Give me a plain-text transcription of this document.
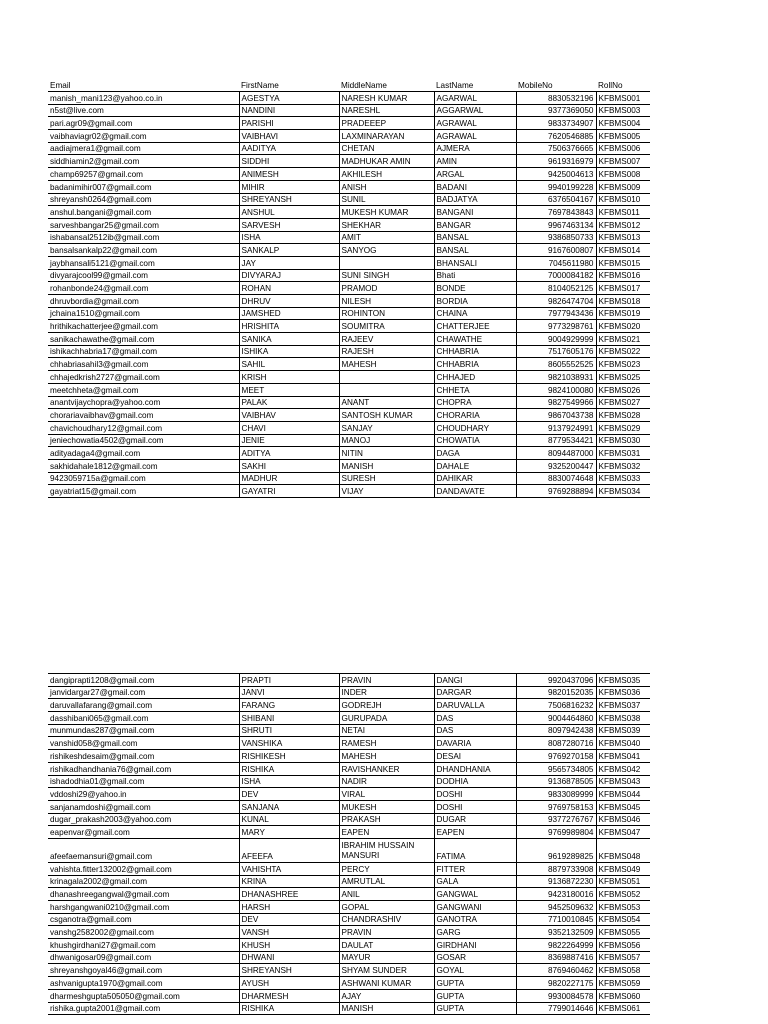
Email	FirstName	MiddleName	LastName	MobileNo	RollNo
manish_mani123@yahoo.co.in	AGESTYA	NARESH KUMAR	AGARWAL	8830532196	KFBMS001
n5st@live.com	NANDINI	NARESHL	AGGARWAL	9377369050	KFBMS003
pari.agr09@gmail.com	PARISHI	PRADEEEP	AGRAWAL	9833734907	KFBMS004
vaibhaviagr02@gmail.com	VAIBHAVI	LAXMINARAYAN	AGRAWAL	7620546885	KFBMS005
aadiajmera1@gmail.com	AADITYA	CHETAN	AJMERA	7506376665	KFBMS006
siddhiamin2@gmail.com	SIDDHI	MADHUKAR AMIN	AMIN	9619316979	KFBMS007
champ69257@gmail.com	ANIMESH	AKHILESH	ARGAL	9425004613	KFBMS008
badanimihir007@gmail.com	MIHIR	ANISH	BADANI	9940199228	KFBMS009
shreyansh0264@gmail.com	SHREYANSH	SUNIL	BADJATYA	6376504167	KFBMS010
anshul.bangani@gmail.com	ANSHUL	MUKESH KUMAR	BANGANI	7697843843	KFBMS011
sarveshbangar25@gmail.com	SARVESH	SHEKHAR	BANGAR	9967463134	KFBMS012
ishabansal2512ib@gmail.com	ISHA	AMIT	BANSAL	9386850733	KFBMS013
bansalsankalp22@gmail.com	SANKALP	SANYOG	BANSAL	9167600807	KFBMS014
jaybhansali5121@gmail.com	JAY		BHANSALI	7045611980	KFBMS015
divyarajcool99@gmail.com	DIVYARAJ	SUNI SINGH	Bhati	7000084182	KFBMS016
rohanbonde24@gmail.com	ROHAN	PRAMOD	BONDE	8104052125	KFBMS017
dhruvbordia@gmail.com	DHRUV	NILESH	BORDIA	9826474704	KFBMS018
jchaina1510@gmail.com	JAMSHED	ROHINTON	CHAINA	7977943436	KFBMS019
hrithikachatterjee@gmail.com	HRISHITA	SOUMITRA	CHATTERJEE	9773298761	KFBMS020
sanikachawathe@gmail.com	SANIKA	RAJEEV	CHAWATHE	9004929999	KFBMS021
ishikachhabria17@gmail.com	ISHIKA	RAJESH	CHHABRIA	7517605176	KFBMS022
chhabriasahil3@gmail.com	SAHIL	MAHESH	CHHABRIA	8605552525	KFBMS023
chhajedkrish2727@gmail.com	KRISH		CHHAJED	9821038931	KFBMS025
meetchheta@gmail.com	MEET		CHHETA	9824100080	KFBMS026
anantvijaychopra@yahoo.com	PALAK	ANANT	CHOPRA	9827549966	KFBMS027
chorariavaibhav@gmail.com	VAIBHAV	SANTOSH KUMAR	CHORARIA	9867043738	KFBMS028
chavichoudhary12@gmail.com	CHAVI	SANJAY	CHOUDHARY	9137924991	KFBMS029
jeniechowatia4502@gmail.com	JENIE	MANOJ	CHOWATIA	8779534421	KFBMS030
adityadaga4@gmail.com	ADITYA	NITIN	DAGA	8094487000	KFBMS031
sakhidahale1812@gmail.com	SAKHI	MANISH	DAHALE	9325200447	KFBMS032
9423059715a@gmail.com	MADHUR	SURESH	DAHIKAR	8830074648	KFBMS033
gayatriat15@gmail.com	GAYATRI	VIJAY	DANDAVATE	9769288894	KFBMS034
dangiprapti1208@gmail.com	PRAPTI	PRAVIN	DANGI	9920437096	KFBMS035
janvidargar27@gmail.com	JANVI	INDER	DARGAR	9820152035	KFBMS036
daruvallafarang@gmail.com	FARANG	GODREJH	DARUVALLA	7506816232	KFBMS037
dasshibani065@gmail.com	SHIBANI	GURUPADA	DAS	9004464860	KFBMS038
munmundas287@gmail.com	SHRUTI	NETAI	DAS	8097942438	KFBMS039
vanshid058@gmail.com	VANSHIKA	RAMESH	DAVARIA	8087280716	KFBMS040
rishikeshdesaim@gmail.com	RISHIKESH	MAHESH	DESAI	9769270158	KFBMS041
rishikadhandhania76@gmail.com	RISHIKA	RAVISHANKER	DHANDHANIA	9565734805	KFBMS042
ishadodhia01@gmail.com	ISHA	NADIR	DODHIA	9136878505	KFBMS043
vddoshi29@yahoo.in	DEV	VIRAL	DOSHI	9833089999	KFBMS044
sanjanamdoshi@gmail.com	SANJANA	MUKESH	DOSHI	9769758153	KFBMS045
dugar_prakash2003@yahoo.com	KUNAL	PRAKASH	DUGAR	9377276767	KFBMS046
eapenvar@gmail.com	MARY	EAPEN	EAPEN	9769989804	KFBMS047
afeefaemansuri@gmail.com	AFEEFA	IBRAHIM HUSSAIN MANSURI	FATIMA	9619289825	KFBMS048
vahishta.fitter132002@gmail.com	VAHISHTA	PERCY	FITTER	8879733908	KFBMS049
krinagala2002@gmail.com	KRINA	AMRUTLAL	GALA	9136872230	KFBMS051
dhanashreegangwal@gmail.com	DHANASHREE	ANIL	GANGWAL	9423180016	KFBMS052
harshgangwani0210@gmail.com	HARSH	GOPAL	GANGWANI	9452509632	KFBMS053
csganotra@gmail.com	DEV	CHANDRASHIV	GANOTRA	7710010845	KFBMS054
vanshg2582002@gmail.com	VANSH	PRAVIN	GARG	9352132509	KFBMS055
khushgirdhani27@gmail.com	KHUSH	DAULAT	GIRDHANI	9822264999	KFBMS056
dhwanigosar09@gmail.com	DHWANI	MAYUR	GOSAR	8369887416	KFBMS057
shreyanshgoyal46@gmail.com	SHREYANSH	SHYAM SUNDER	GOYAL	8769460462	KFBMS058
ashvanigupta1970@gmail.com	AYUSH	ASHWANI KUMAR	GUPTA	9820227175	KFBMS059
dharmeshgupta505050@gmail.com	DHARMESH	AJAY	GUPTA	9930084578	KFBMS060
rishika.gupta2001@gmail.com	RISHIKA	MANISH	GUPTA	7799014646	KFBMS061
